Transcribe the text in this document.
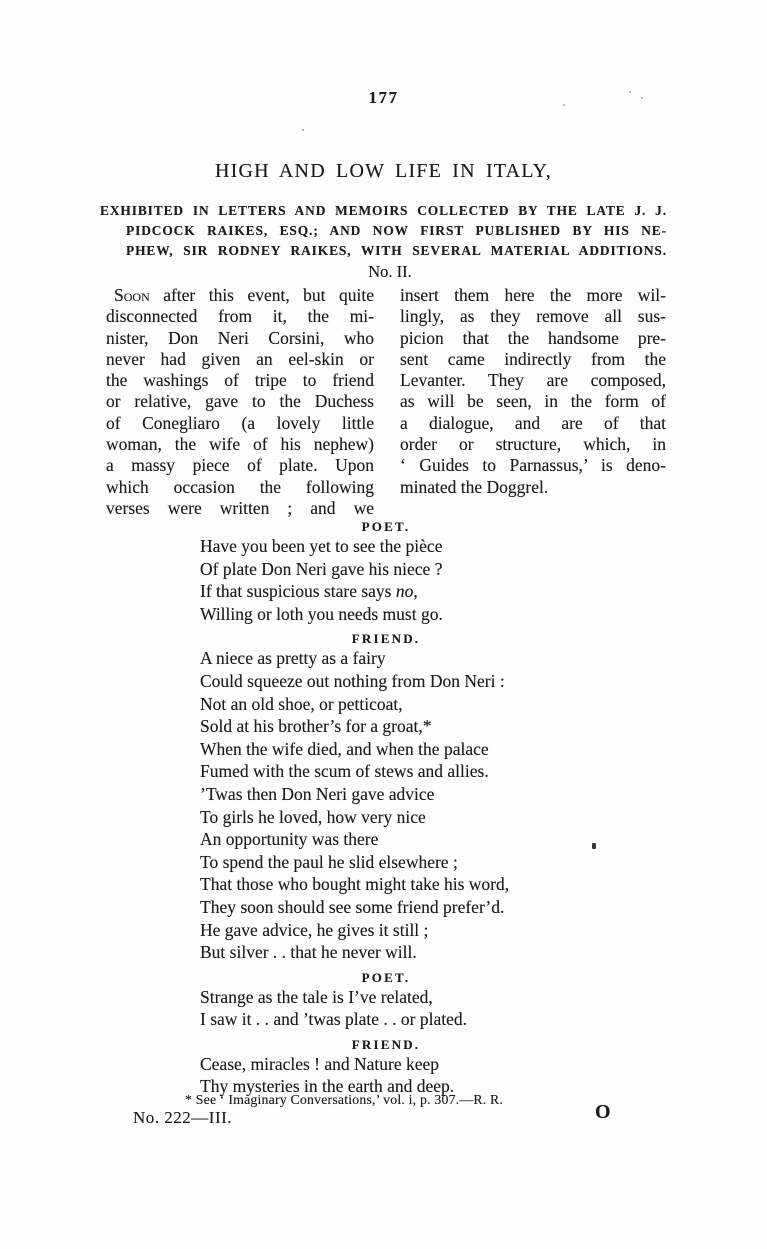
177
HIGH AND LOW LIFE IN ITALY,
EXHIBITED IN LETTERS AND MEMOIRS COLLECTED BY THE LATE J. J.
PIDCOCK RAIKES, ESQ.; AND NOW FIRST PUBLISHED BY HIS NE-
PHEW, SIR RODNEY RAIKES, WITH SEVERAL MATERIAL ADDITIONS.
No. II.
Soon after this event, but quite
disconnected from it, the mi-
nister, Don Neri Corsini, who
never had given an eel-skin or
the washings of tripe to friend
or relative, gave to the Duchess
of Conegliaro (a lovely little
woman, the wife of his nephew)
a massy piece of plate. Upon
which occasion the following
verses were written ; and we
insert them here the more wil-
lingly, as they remove all sus-
picion that the handsome pre-
sent came indirectly from the
Levanter. They are composed,
as will be seen, in the form of
a dialogue, and are of that
order or structure, which, in
‘ Guides to Parnassus,’ is deno-
minated the Doggrel.
POET.
Have you been yet to see the pièce
Of plate Don Neri gave his niece ?
If that suspicious stare says no,
Willing or loth you needs must go.
FRIEND.
A niece as pretty as a fairy
Could squeeze out nothing from Don Neri :
Not an old shoe, or petticoat,
Sold at his brother’s for a groat,*
When the wife died, and when the palace
Fumed with the scum of stews and allies.
’Twas then Don Neri gave advice
To girls he loved, how very nice
An opportunity was there
To spend the paul he slid elsewhere ;
That those who bought might take his word,
They soon should see some friend prefer’d.
He gave advice, he gives it still ;
But silver . . that he never will.
POET.
Strange as the tale is I’ve related,
I saw it . . and ’twas plate . . or plated.
FRIEND.
Cease, miracles ! and Nature keep
Thy mysteries in the earth and deep.
* See ‘ Imaginary Conversations,’ vol. i, p. 307.—R. R.
No. 222—III.	O
